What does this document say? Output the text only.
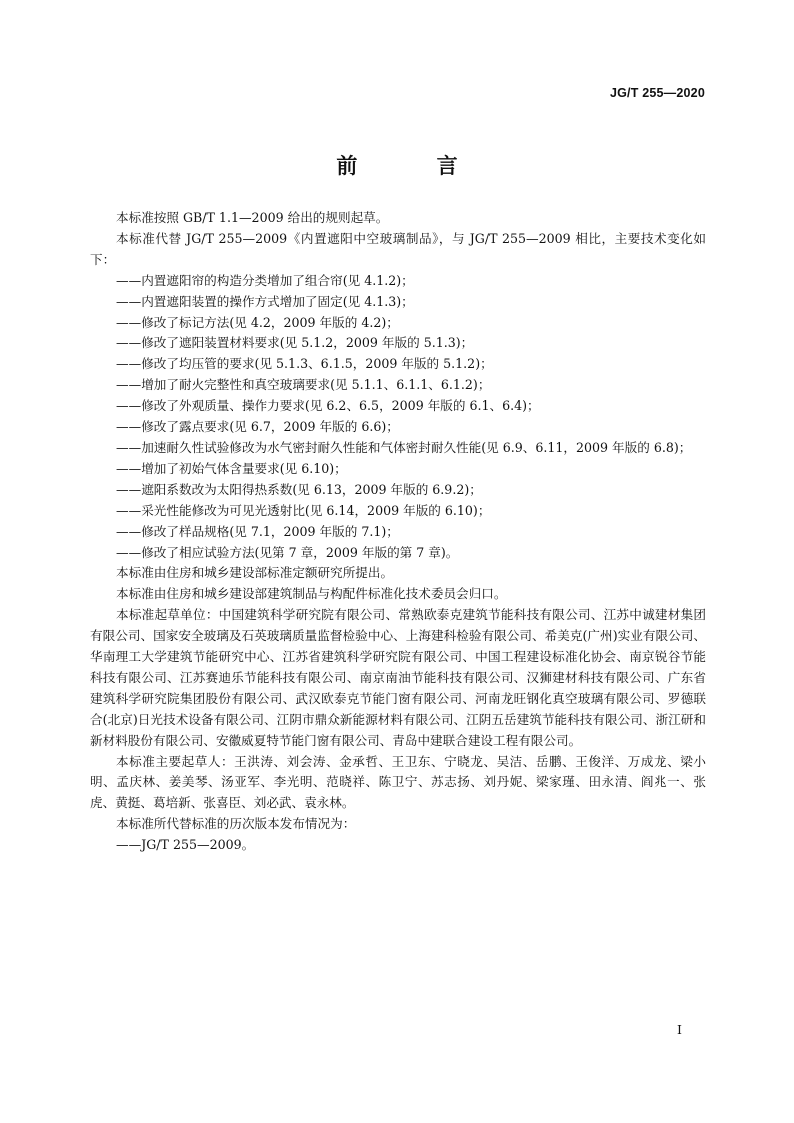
JG/T 255—2020
前 言

本标准按照 GB/T 1.1—2009 给出的规则起草。

本标准代替 JG/T 255—2009《内置遮阳中空玻璃制品》，与 JG/T 255—2009 相比，主要技术变化如下：

——内置遮阳帘的构造分类增加了组合帘(见 4.1.2)；

——内置遮阳装置的操作方式增加了固定(见 4.1.3)；

——修改了标记方法(见 4.2，2009 年版的 4.2)；

——修改了遮阳装置材料要求(见 5.1.2，2009 年版的 5.1.3)；

——修改了均压管的要求(见 5.1.3、6.1.5，2009 年版的 5.1.2)；

——增加了耐火完整性和真空玻璃要求(见 5.1.1、6.1.1、6.1.2)；

——修改了外观质量、操作力要求(见 6.2、6.5，2009 年版的 6.1、6.4)；

——修改了露点要求(见 6.7，2009 年版的 6.6)；

——加速耐久性试验修改为水气密封耐久性能和气体密封耐久性能(见 6.9、6.11，2009 年版的 6.8)；

——增加了初始气体含量要求(见 6.10)；

——遮阳系数改为太阳得热系数(见 6.13，2009 年版的 6.9.2)；

——采光性能修改为可见光透射比(见 6.14，2009 年版的 6.10)；

——修改了样品规格(见 7.1，2009 年版的 7.1)；

——修改了相应试验方法(见第 7 章，2009 年版的第 7 章)。

本标准由住房和城乡建设部标准定额研究所提出。

本标准由住房和城乡建设部建筑制品与构配件标准化技术委员会归口。

本标准起草单位：中国建筑科学研究院有限公司、常熟欧泰克建筑节能科技有限公司、江苏中诚建材集团有限公司、国家安全玻璃及石英玻璃质量监督检验中心、上海建科检验有限公司、希美克(广州)实业有限公司、华南理工大学建筑节能研究中心、江苏省建筑科学研究院有限公司、中国工程建设标准化协会、南京锐谷节能科技有限公司、江苏赛迪乐节能科技有限公司、南京南油节能科技有限公司、汉狮建材科技有限公司、广东省建筑科学研究院集团股份有限公司、武汉欧泰克节能门窗有限公司、河南龙旺钢化真空玻璃有限公司、罗德联合(北京)日光技术设备有限公司、江阴市鼎众新能源材料有限公司、江阴五岳建筑节能科技有限公司、浙江研和新材料股份有限公司、安徽威夏特节能门窗有限公司、青岛中建联合建设工程有限公司。

本标准主要起草人：王洪涛、刘会涛、金承哲、王卫东、宁晓龙、吴洁、岳鹏、王俊洋、万成龙、梁小明、孟庆林、姜美琴、汤亚军、李光明、范晓祥、陈卫宁、苏志扬、刘丹妮、梁家瑾、田永清、阎兆一、张虎、黄挺、葛培新、张喜臣、刘必武、袁永林。

本标准所代替标准的历次版本发布情况为：

——JG/T 255—2009。

I
